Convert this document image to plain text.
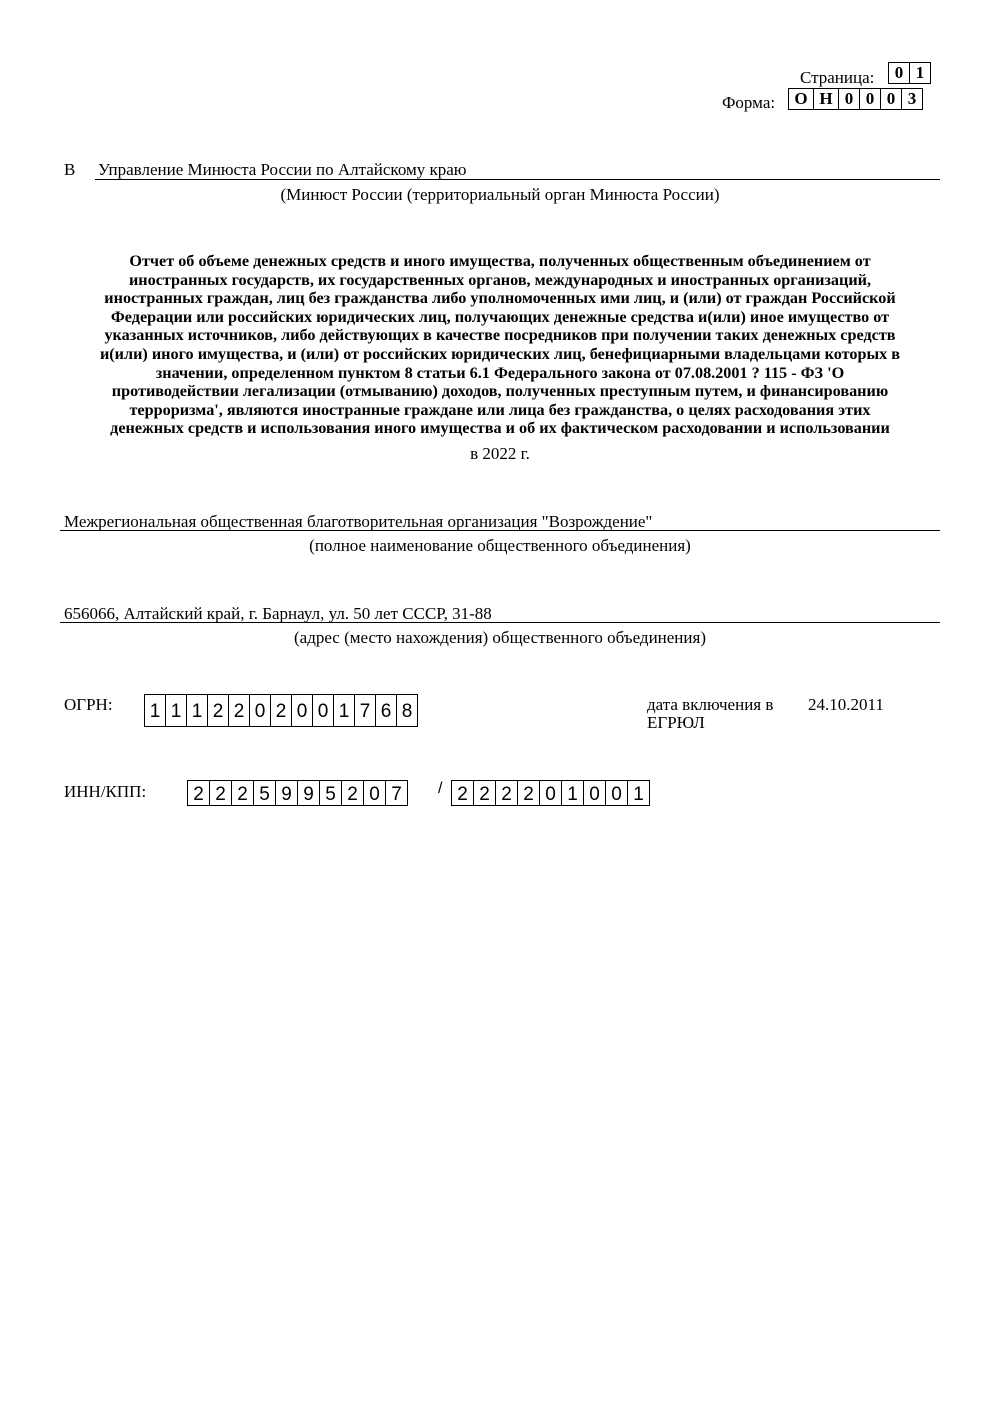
Страница:	0 1
Форма:	О Н 0 0 0 3
В Управление Минюста России по Алтайскому краю
(Минюст России (территориальный орган Минюста России)
Отчет об объеме денежных средств и иного имущества, полученных общественным объединением от
иностранных государств, их государственных органов, международных и иностранных организаций,
иностранных граждан, лиц без гражданства либо уполномоченных ими лиц, и (или) от граждан Российской
Федерации или российских юридических лиц, получающих денежные средства и(или) иное имущество от
указанных источников, либо действующих в качестве посредников при получении таких денежных средств
и(или) иного имущества, и (или) от российских юридических лиц, бенефициарными владельцами которых в
значении, определенном пунктом 8 статьи 6.1 Федерального закона от 07.08.2001 ? 115 - ФЗ 'О
противодействии легализации (отмыванию) доходов, полученных преступным путем, и финансированию
терроризма', являются иностранные граждане или лица без гражданства, о целях расходования этих
денежных средств и использования иного имущества и об их фактическом расходовании и использовании
в 2022 г.
Межрегиональная общественная благотворительная организация "Возрождение"
(полное наименование общественного объединения)
656066, Алтайский край, г. Барнаул, ул. 50 лет СССР, 31-88
(адрес (место нахождения) общественного объединения)
ОГРН:	1 1 1 2 2 0 2 0 0 1 7 6 8	дата включения в
ЕГРЮЛ
24.10.2011
ИНН/КПП:	2 2 2 5 9 9 5 2 0 7	/ 2 2 2 2 0 1 0 0 1
